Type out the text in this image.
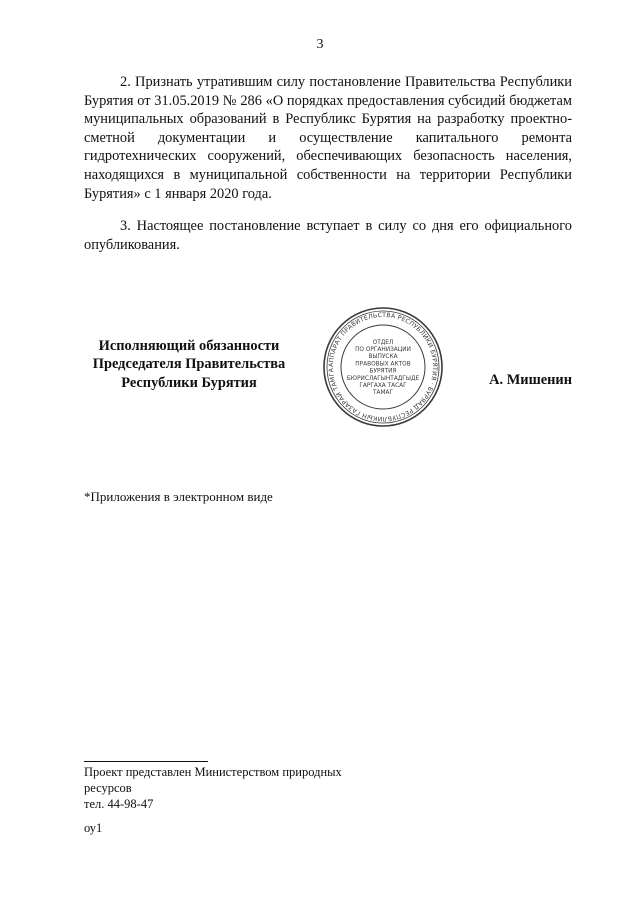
3

2. Признать утратившим силу постановление Правительства Республики Бурятия от 31.05.2019 № 286 «О порядках предоставления субсидий бюджетам муниципальных образований в Республикс Бурятия на разработку проектно-сметной документации и осуществление капитального ремонта гидротехнических сооружений, обеспечивающих безопасность населения, находящихся в муниципальной собственности на территории Республики Бурятия» с 1 января 2020 года.

3. Настоящее постановление вступает в силу со дня его официального опубликования.

Исполняющий обязанности
Председателя Правительства
Республики Бурятия
АППАРАТ ПРАВИТЕЛЬСТВА РЕСПУБЛИКИ БУРЯТИЯ · БУРЯАД РЕСПУБЛИКЫН ГАЗАРАЙ ТАМГА
ОТДЕЛ
ПО ОРГАНИЗАЦИИ
ВЫПУСКА
ПРАВОВЫХ АКТОВ
БУРЯТИЯ
БЮРИСЛАГЫНТАДГЫДЕ
ГАРГАХА ТАСАГ
ТАМАГ
А. Мишенин
*Приложения в электронном виде
Проект представлен Министерством природных
ресурсов
тел. 44-98-47
оу1
